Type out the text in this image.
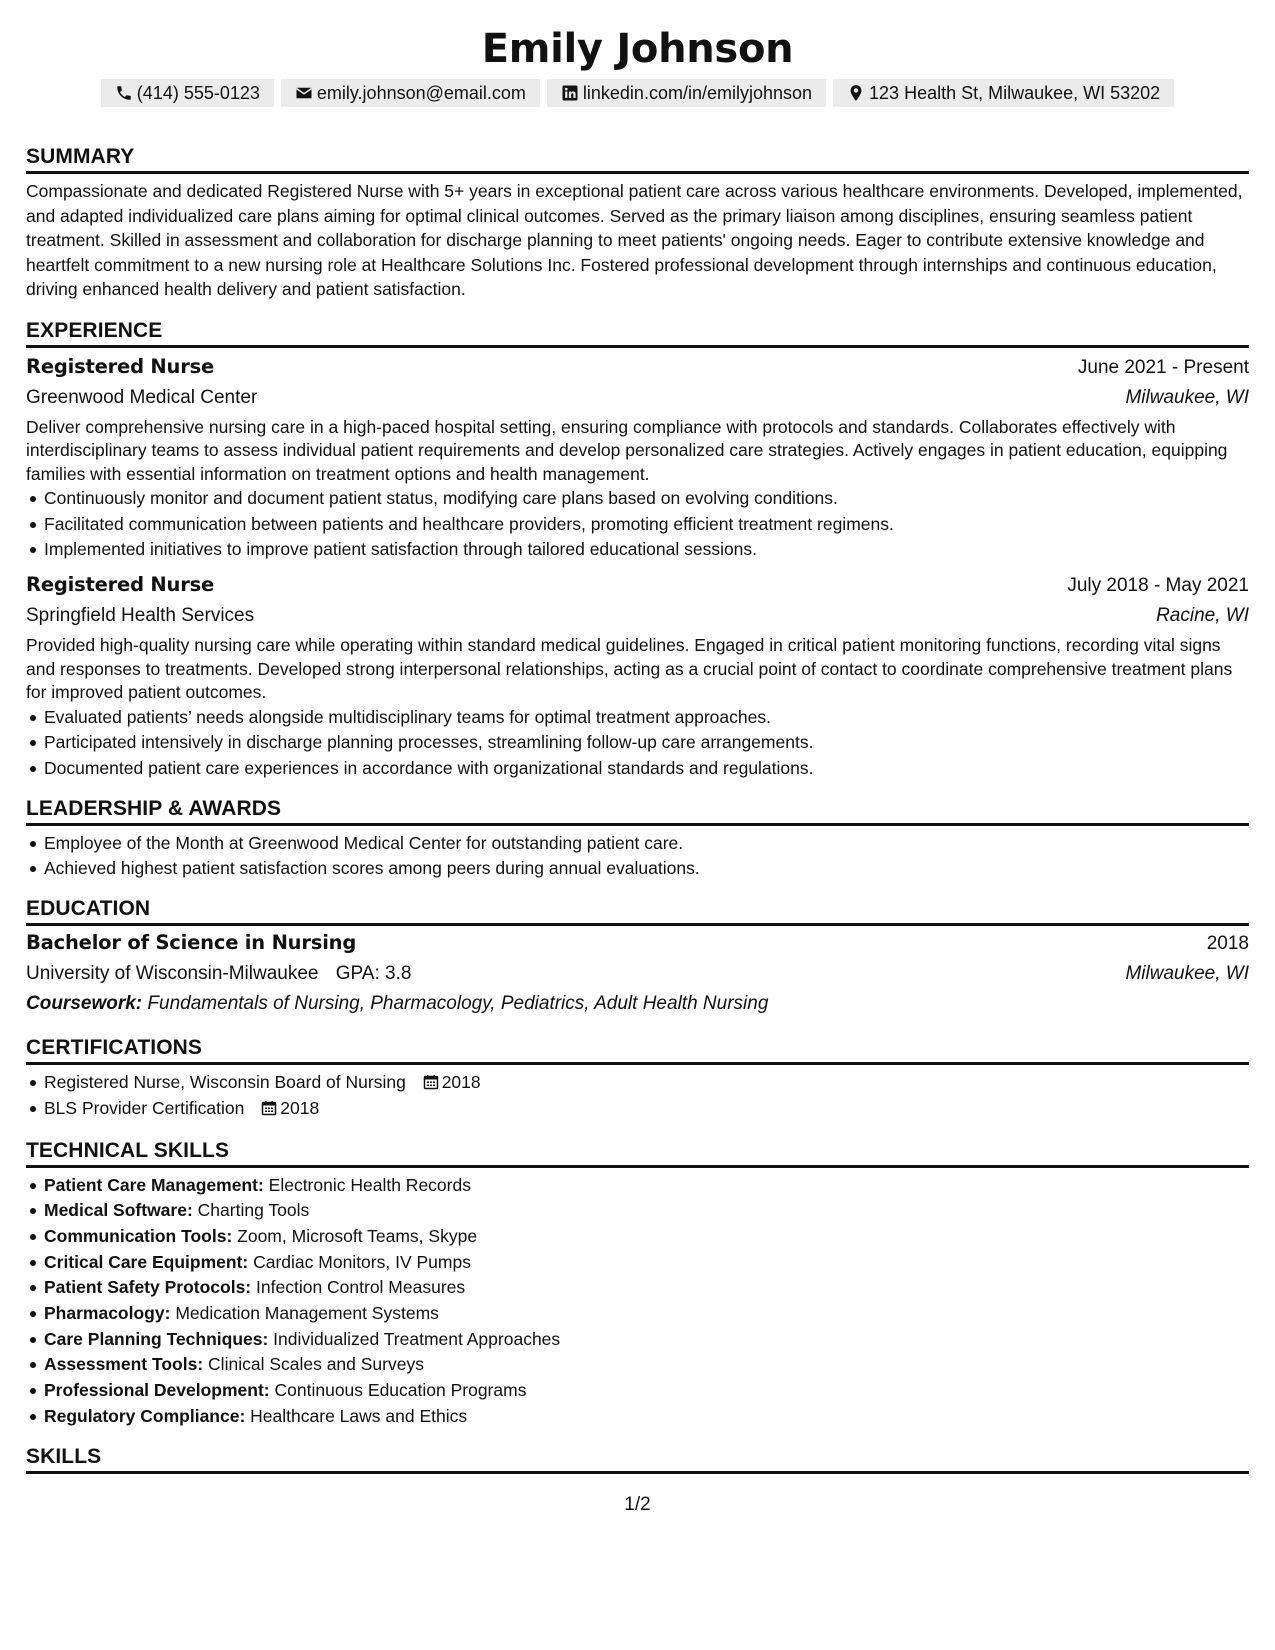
Emily Johnson
(414) 555-0123	emily.johnson@email.com	linkedin.com/in/emilyjohnson	123 Health St, Milwaukee, WI 53202
SUMMARY
Compassionate and dedicated Registered Nurse with 5+ years in exceptional patient care across various healthcare environments. Developed, implemented, and adapted individualized care plans aiming for optimal clinical outcomes. Served as the primary liaison among disciplines, ensuring seamless patient treatment. Skilled in assessment and collaboration for discharge planning to meet patients' ongoing needs. Eager to contribute extensive knowledge and heartfelt commitment to a new nursing role at Healthcare Solutions Inc. Fostered professional development through internships and continuous education, driving enhanced health delivery and patient satisfaction.
EXPERIENCE
Registered Nurse	June 2021 - Present
Greenwood Medical Center	Milwaukee, WI
Deliver comprehensive nursing care in a high-paced hospital setting, ensuring compliance with protocols and standards. Collaborates effectively with interdisciplinary teams to assess individual patient requirements and develop personalized care strategies. Actively engages in patient education, equipping families with essential information on treatment options and health management.
Continuously monitor and document patient status, modifying care plans based on evolving conditions.
Facilitated communication between patients and healthcare providers, promoting efficient treatment regimens.
Implemented initiatives to improve patient satisfaction through tailored educational sessions.
Registered Nurse	July 2018 - May 2021
Springfield Health Services	Racine, WI
Provided high-quality nursing care while operating within standard medical guidelines. Engaged in critical patient monitoring functions, recording vital signs and responses to treatments. Developed strong interpersonal relationships, acting as a crucial point of contact to coordinate comprehensive treatment plans for improved patient outcomes.
Evaluated patients’ needs alongside multidisciplinary teams for optimal treatment approaches.
Participated intensively in discharge planning processes, streamlining follow-up care arrangements.
Documented patient care experiences in accordance with organizational standards and regulations.
LEADERSHIP & AWARDS
Employee of the Month at Greenwood Medical Center for outstanding patient care.
Achieved highest patient satisfaction scores among peers during annual evaluations.
EDUCATION
Bachelor of Science in Nursing	2018
University of Wisconsin-Milwaukee GPA: 3.8	Milwaukee, WI
Coursework: Fundamentals of Nursing, Pharmacology, Pediatrics, Adult Health Nursing
CERTIFICATIONS
Registered Nurse, Wisconsin Board of Nursing 2018
BLS Provider Certification 2018
TECHNICAL SKILLS
Patient Care Management: Electronic Health Records
Medical Software: Charting Tools
Communication Tools: Zoom, Microsoft Teams, Skype
Critical Care Equipment: Cardiac Monitors, IV Pumps
Patient Safety Protocols: Infection Control Measures
Pharmacology: Medication Management Systems
Care Planning Techniques: Individualized Treatment Approaches
Assessment Tools: Clinical Scales and Surveys
Professional Development: Continuous Education Programs
Regulatory Compliance: Healthcare Laws and Ethics
SKILLS
1/2
